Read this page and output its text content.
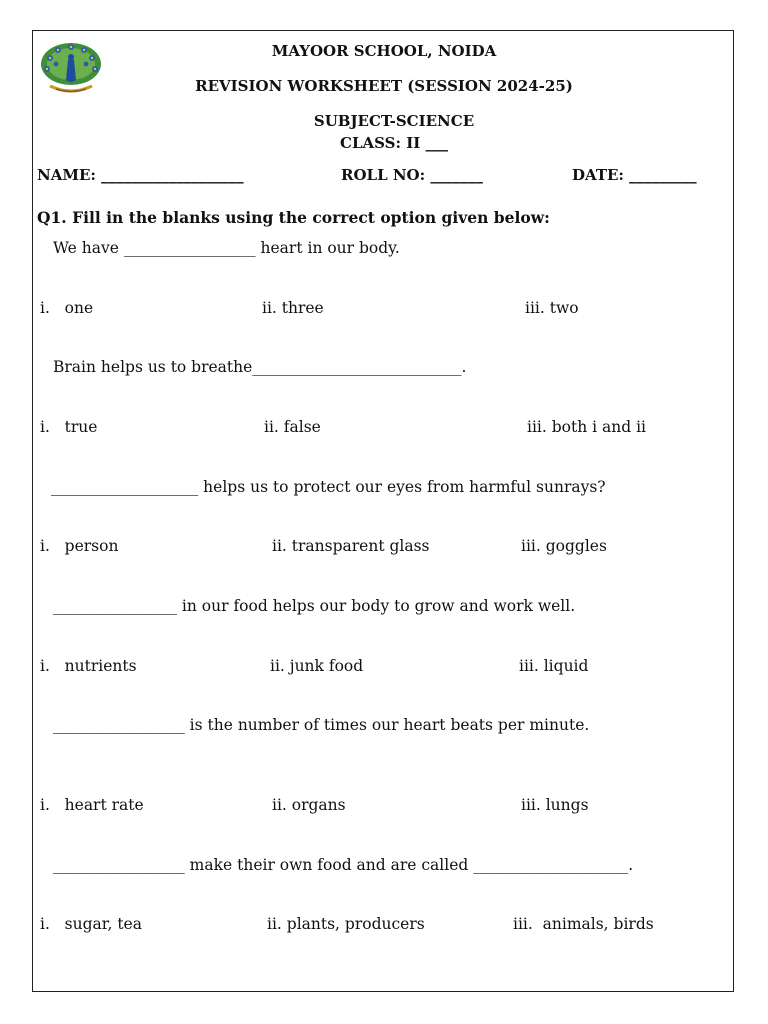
MAYOOR SCHOOL, NOIDA
REVISION WORKSHEET (SESSION 2024-25)
SUBJECT-SCIENCE
CLASS: II ___
NAME: ___________________	ROLL NO: _______	DATE: _________
Q1. Fill in the blanks using the correct option given below:
We have _________________ heart in our body.
i.   one	ii. three	iii. two
Brain helps us to breathe___________________________.
i.   true	ii. false	iii. both i and ii
___________________ helps us to protect our eyes from harmful sunrays?
i.   person	ii. transparent glass	iii. goggles
________________ in our food helps our body to grow and work well.
i.   nutrients	ii. junk food	iii. liquid
_________________ is the number of times our heart beats per minute.
i.   heart rate	ii. organs	iii. lungs
_________________ make their own food and are called ____________________.
i.   sugar, tea	ii. plants, producers	iii.  animals, birds
